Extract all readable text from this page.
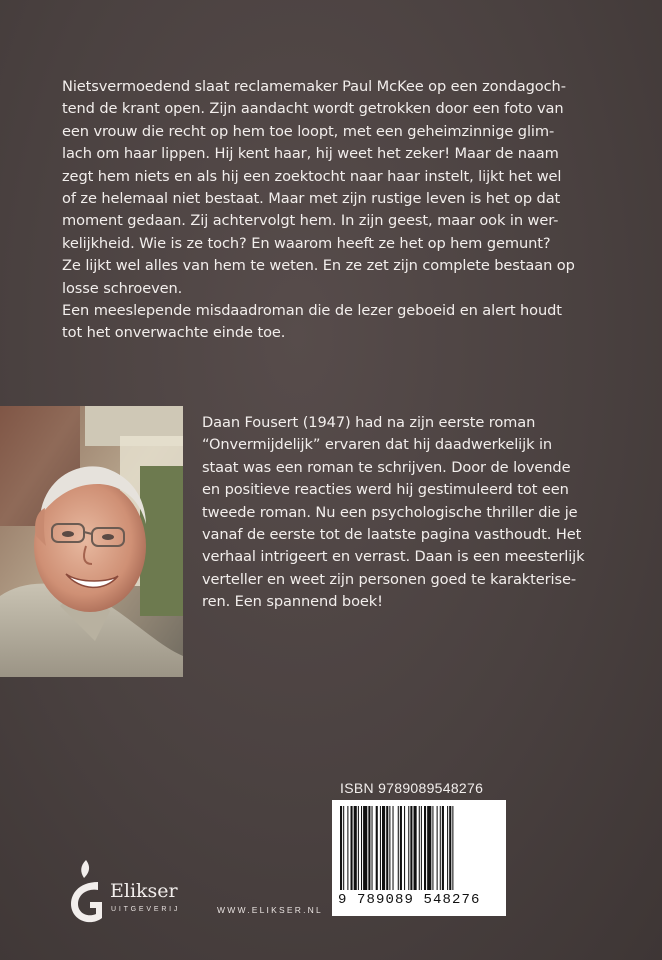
Nietsvermoedend slaat reclamemaker Paul McKee op een zondagoch-

tend de krant open. Zijn aandacht wordt getrokken door een foto van

een vrouw die recht op hem toe loopt, met een geheimzinnige glim-

lach om haar lippen. Hij kent haar, hij weet het zeker! Maar de naam

zegt hem niets en als hij een zoektocht naar haar instelt, lijkt het wel

of ze helemaal niet bestaat. Maar met zijn rustige leven is het op dat

moment gedaan. Zij achtervolgt hem. In zijn geest, maar ook in wer-

kelijkheid. Wie is ze toch? En waarom heeft ze het op hem gemunt?

Ze lijkt wel alles van hem te weten. En ze zet zijn complete bestaan op

losse schroeven.

Een meeslepende misdaadroman die de lezer geboeid en alert houdt

tot het onverwachte einde toe.

Daan Fousert (1947) had na zijn eerste roman
“Onvermijdelijk” ervaren dat hij daadwerkelijk in
staat was een roman te schrijven. Door de lovende
en positieve reacties werd hij gestimuleerd tot een
tweede roman. Nu een psychologische thriller die je
vanaf de eerste tot de laatste pagina vasthoudt. Het
verhaal intrigeert en verrast. Daan is een meesterlijk
verteller en weet zijn personen goed te karakterise-
ren. Een spannend boek!
ISBN 9789089548276
9 789089 548276
Elikser
UITGEVERIJ	WWW.ELIKSER.NL
